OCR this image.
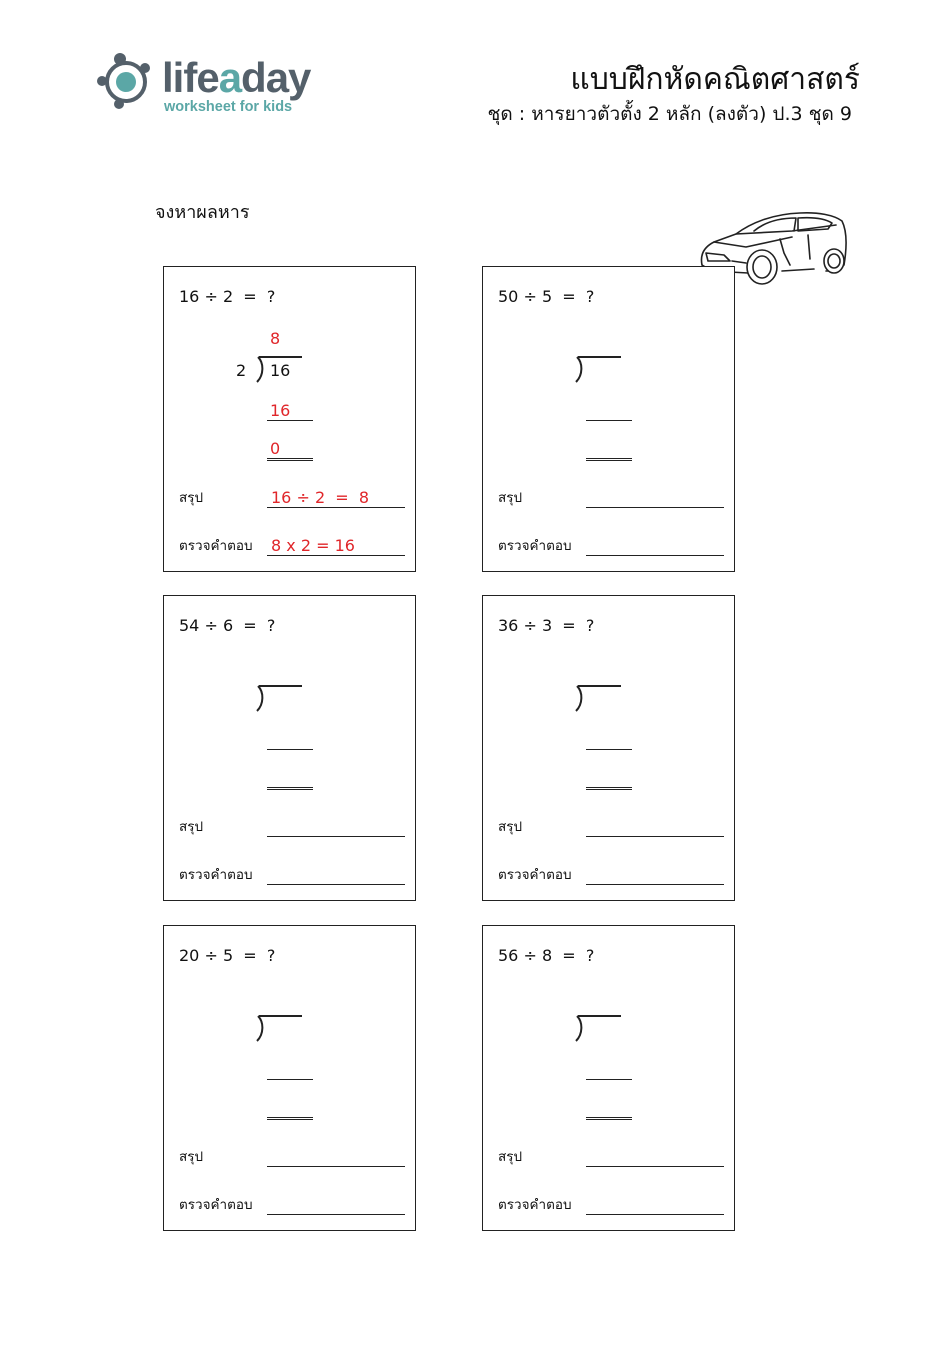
lifeaday
worksheet for kids
แบบฝึกหัดคณิตศาสตร์
ชุด : หารยาวตัวตั้ง 2 หลัก (ลงตัว) ป.3 ชุด 9
จงหาผลหาร
16 ÷ 2  =  ?
8
2 16
16
0
สรุป	16 ÷ 2  =  8
ตรวจคำตอบ 8 x 2 = 16
50 ÷ 5  =  ?
สรุป
ตรวจคำตอบ
54 ÷ 6  =  ?
สรุป
ตรวจคำตอบ
36 ÷ 3  =  ?
สรุป
ตรวจคำตอบ
20 ÷ 5  =  ?
สรุป
ตรวจคำตอบ
56 ÷ 8  =  ?
สรุป
ตรวจคำตอบ
